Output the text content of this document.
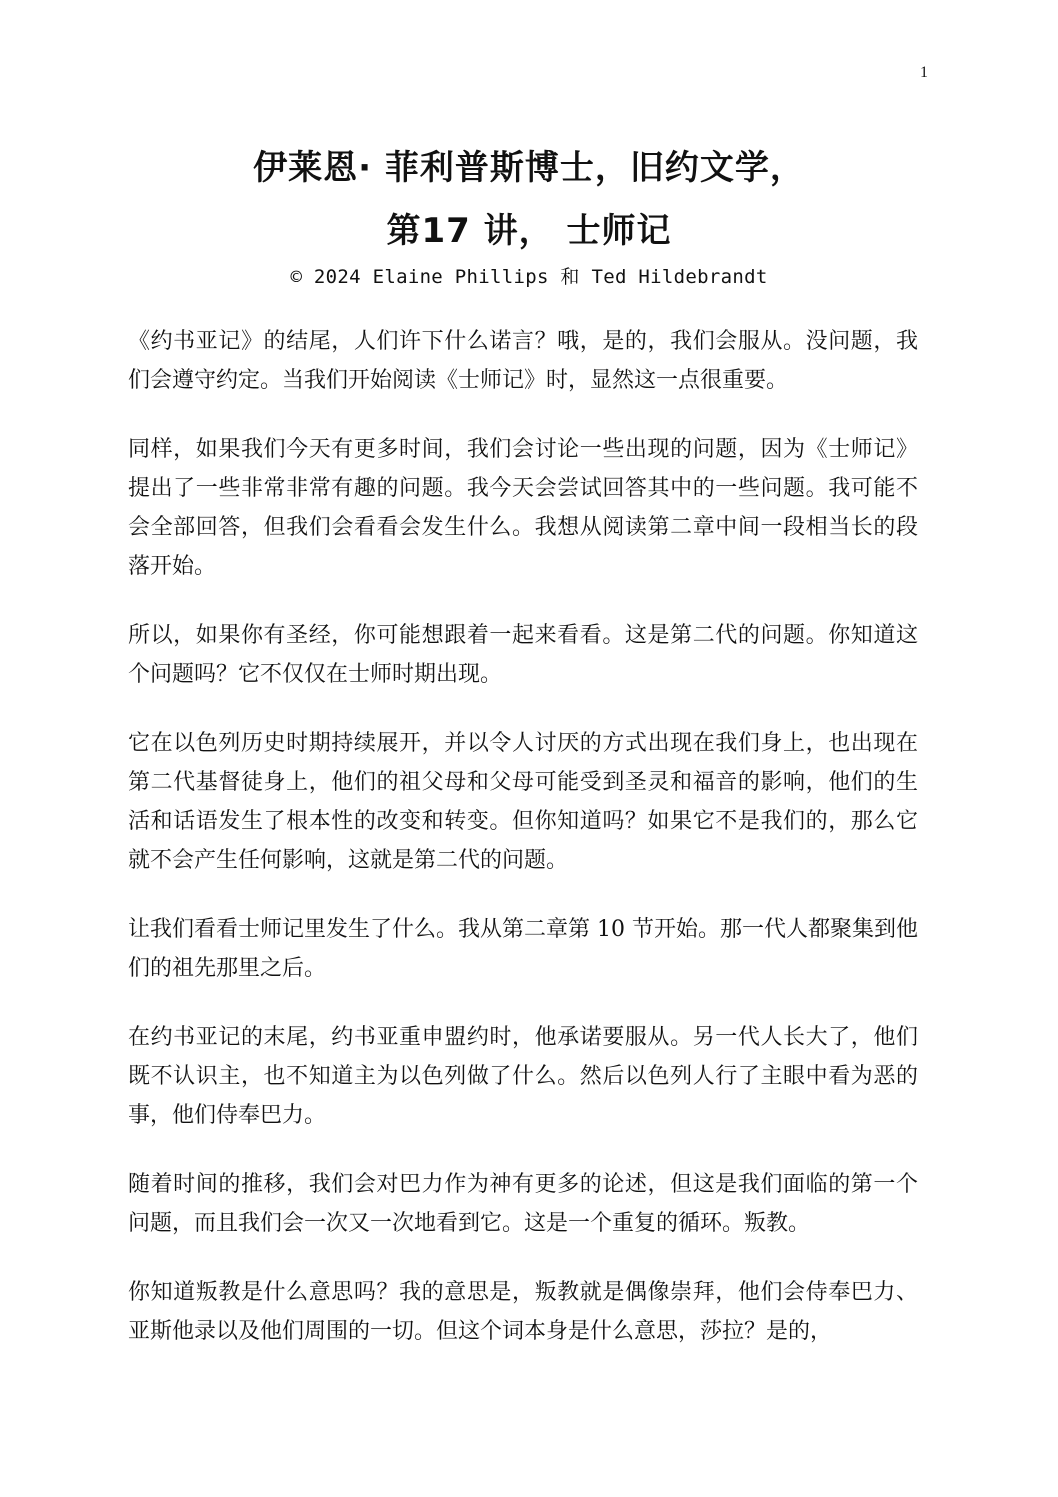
1
伊莱恩· 菲利普斯博士，旧约文学，
第17 讲， 士师记
© 2024 Elaine Phillips 和 Ted Hildebrandt

《约书亚记》的结尾，人们许下什么诺言？哦，是的，我们会服从。没问题，我们会遵守约定。当我们开始阅读《士师记》时，显然这一点很重要。

同样，如果我们今天有更多时间，我们会讨论一些出现的问题，因为《士师记》提出了一些非常非常有趣的问题。我今天会尝试回答其中的一些问题。我可能不会全部回答，但我们会看看会发生什么。我想从阅读第二章中间一段相当长的段落开始。

所以，如果你有圣经，你可能想跟着一起来看看。这是第二代的问题。你知道这个问题吗？它不仅仅在士师时期出现。

它在以色列历史时期持续展开，并以令人讨厌的方式出现在我们身上，也出现在第二代基督徒身上，他们的祖父母和父母可能受到圣灵和福音的影响，他们的生活和话语发生了根本性的改变和转变。但你知道吗？如果它不是我们的，那么它就不会产生任何影响，这就是第二代的问题。

让我们看看士师记里发生了什么。我从第二章第 10 节开始。那一代人都聚集到他们的祖先那里之后。

在约书亚记的末尾，约书亚重申盟约时，他承诺要服从。另一代人长大了，他们既不认识主，也不知道主为以色列做了什么。然后以色列人行了主眼中看为恶的事，他们侍奉巴力。

随着时间的推移，我们会对巴力作为神有更多的论述，但这是我们面临的第一个问题，而且我们会一次又一次地看到它。这是一个重复的循环。叛教。

你知道叛教是什么意思吗？我的意思是，叛教就是偶像崇拜，他们会侍奉巴力、亚斯他录以及他们周围的一切。但这个词本身是什么意思，莎拉？是的，
